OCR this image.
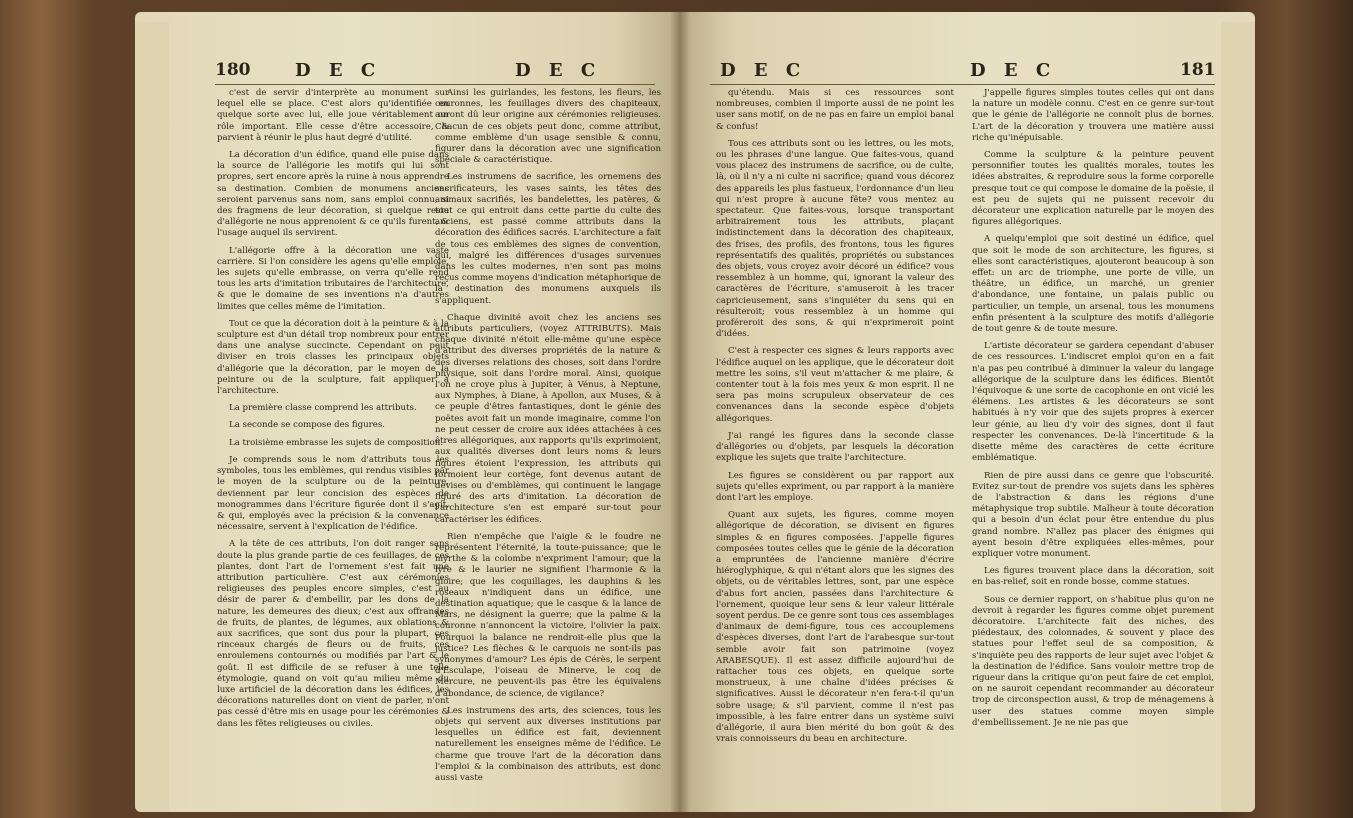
180 D E C	D E C

c'est de servir d'interprète au monument sur lequel elle se place. C'est alors qu'identifiée en quelque sorte avec lui, elle joue véritablement un rôle important. Elle cesse d'être accessoire, & parvient à réunir le plus haut degré d'utilité.

La décoration d'un édifice, quand elle puise dans la source de l'allégorie les motifs qui lui sont propres, sert encore après la ruine à nous apprendre sa destination. Combien de monumens anciens seroient parvenus sans nom, sans emploi connu, si des fragmens de leur décoration, si quelque reste d'allégorie ne nous apprenoient & ce qu'ils furent, & l'usage auquel ils servirent.

L'allégorie offre à la décoration une vaste carrière. Si l'on considère les agens qu'elle emploie, les sujets qu'elle embrasse, on verra qu'elle rend tous les arts d'imitation tributaires de l'architecture, & que le domaine de ses inventions n'a d'autres limites que celles même de l'imitation.

Tout ce que la décoration doit à la peinture & à la sculpture est d'un détail trop nombreux pour entrer dans une analyse succincte. Cependant on peut diviser en trois classes les principaux objets d'allégorie que la décoration, par le moyen de la peinture ou de la sculpture, fait appliquer à l'architecture.

La première classe comprend les attributs.

La seconde se compose des figures.

La troisième embrasse les sujets de composition.

Je comprends sous le nom d'attributs tous les symboles, tous les emblèmes, qui rendus visibles par le moyen de la sculpture ou de la peinture, deviennent par leur concision des espèces de monogrammes dans l'écriture figurée dont il s'agit, & qui, employés avec la précision & la convenance nécessaire, servent à l'explication de l'édifice.

A la tête de ces attributs, l'on doit ranger sans doute la plus grande partie de ces feuillages, de ces plantes, dont l'art de l'ornement s'est fait une attribution particulière. C'est aux cérémonies religieuses des peuples encore simples, c'est au désir de parer & d'embellir, par les dons de la nature, les demeures des dieux; c'est aux offrandes de fruits, de plantes, de légumes, aux oblations & aux sacrifices, que sont dus pour la plupart, ces rinceaux chargés de fleurs ou de fruits, ces enroulemens contournés ou modifiés par l'art & le goût. Il est difficile de se refuser à une telle étymologie, quand on voit qu'au milieu même du luxe artificiel de la décoration dans les édifices, les décorations naturelles dont on vient de parler, n'ont pas cessé d'être mis en usage pour les cérémonies & dans les fêtes religieuses ou civiles.

Ainsi les guirlandes, les festons, les fleurs, les couronnes, les feuillages divers des chapiteaux, auront dû leur origine aux cérémonies religieuses. Chacun de ces objets peut donc, comme attribut, comme emblème d'un usage sensible & connu, figurer dans la décoration avec une signification spéciale & caractéristique.

Les instrumens de sacrifice, les ornemens des sacrificateurs, les vases saints, les têtes des animaux sacrifiés, les bandelettes, les patères, & tout ce qui entroit dans cette partie du culte des anciens, est passé comme attributs dans la décoration des édifices sacrés. L'architecture a fait de tous ces emblèmes des signes de convention, qui, malgré les différences d'usages survenues dans les cultes modernes, n'en sont pas moins reçus comme moyens d'indication métaphorique de la destination des monumens auxquels ils s'appliquent.

Chaque divinité avoit chez les anciens ses attributs particuliers, (voyez ATTRIBUTS). Mais chaque divinité n'étoit elle-même qu'une espèce d'attribut des diverses propriétés de la nature & des diverses relations des choses, soit dans l'ordre physique, soit dans l'ordre moral. Ainsi, quoique l'on ne croye plus à Jupiter, à Vénus, à Neptune, aux Nymphes, à Diane, à Apollon, aux Muses, & à ce peuple d'êtres fantastiques, dont le génie des poëtes avoit fait un monde imaginaire, comme l'on ne peut cesser de croire aux idées attachées à ces êtres allégoriques, aux rapports qu'ils exprimoient, aux qualités diverses dont leurs noms & leurs figures étoient l'expression, les attributs qui formoient leur cortège, font devenus autant de devises ou d'emblèmes, qui continuent le langage figuré des arts d'imitation. La décoration de l'architecture s'en est emparé sur-tout pour caractériser les édifices.

Rien n'empêche que l'aigle & le foudre ne représentent l'éternité, la toute-puissance; que le myrthe & la colombe n'expriment l'amour; que la lyre & le laurier ne signifient l'harmonie & la gloire; que les coquillages, les dauphins & les roseaux n'indiquent dans un édifice, une destination aquatique; que le casque & la lance de Mars, ne désignent la guerre; que la palme & la couronne n'annoncent la victoire, l'olivier la paix. Pourquoi la balance ne rendroit-elle plus que la justice? Les flèches & le carquois ne sont-ils pas synonymes d'amour? Les épis de Cérès, le serpent d'Esculape, l'oiseau de Minerve, le coq de Mercure, ne peuvent-ils pas être les équivalens d'abondance, de science, de vigilance?

Les instrumens des arts, des sciences, tous les objets qui servent aux diverses institutions par lesquelles un édifice est fait, deviennent naturellement les enseignes même de l'édifice. Le charme que trouve l'art de la décoration dans l'emploi & la combinaison des attributs, est donc aussi vaste

D E C	D E C	181

qu'étendu. Mais si ces ressources sont nombreuses, combien il importe aussi de ne point les user sans motif, on de ne pas en faire un emploi banal & confus!

Tous ces attributs sont ou les lettres, ou les mots, ou les phrases d'une langue. Que faites-vous, quand vous placez des instrumens de sacrifice, ou de culte, là, où il n'y a ni culte ni sacrifice; quand vous décorez des appareils les plus fastueux, l'ordonnance d'un lieu qui n'est propre à aucune fête? vous mentez au spectateur. Que faites-vous, lorsque transportant arbitrairement tous les attributs, plaçant indistinctement dans la décoration des chapiteaux, des frises, des profils, des frontons, tous les figures représentatifs des qualités, propriétés ou substances des objets, vous croyez avoir décoré un édifice? vous ressemblez à un homme, qui, ignorant la valeur des caractères de l'écriture, s'amuseroit à les tracer capricieusement, sans s'inquiéter du sens qui en résulteroit; vous ressemblez à un homme qui proféreroit des sons, & qui n'exprimeroit point d'idées.

C'est à respecter ces signes & leurs rapports avec l'édifice auquel on les applique, que le décorateur doit mettre les soins, s'il veut m'attacher & me plaire, & contenter tout à la fois mes yeux & mon esprit. Il ne sera pas moins scrupuleux observateur de ces convenances dans la seconde espèce d'objets allégoriques.

J'ai rangé les figures dans la seconde classe d'allégories ou d'objets, par lesquels la décoration explique les sujets que traite l'architecture.

Les figures se considèrent ou par rapport aux sujets qu'elles expriment, ou par rapport à la manière dont l'art les employe.

Quant aux sujets, les figures, comme moyen allégorique de décoration, se divisent en figures simples & en figures composées. J'appelle figures composées toutes celles que le génie de la décoration a empruntées de l'ancienne manière d'écrire hiéroglyphique, & qui n'étant alors que les signes des objets, ou de véritables lettres, sont, par une espèce d'abus fort ancien, passées dans l'architecture & l'ornement, quoique leur sens & leur valeur littérale soyent perdus. De ce genre sont tous ces assemblages d'animaux de demi-figure, tous ces accouplemens d'espèces diverses, dont l'art de l'arabesque sur-tout semble avoir fait son patrimoine (voyez ARABESQUE). Il est assez difficile aujourd'hui de rattacher tous ces objets, en quelque sorte monstrueux, à une chaîne d'idées précises & significatives. Aussi le décorateur n'en fera-t-il qu'un sobre usage; & s'il parvient, comme il n'est pas impossible, à les faire entrer dans un système suivi d'allégorie, il aura bien mérité du bon goût & des vrais connoisseurs du beau en architecture.

J'appelle figures simples toutes celles qui ont dans la nature un modèle connu. C'est en ce genre sur-tout que le génie de l'allégorie ne connoît plus de bornes. L'art de la décoration y trouvera une matière aussi riche qu'inépuisable.

Comme la sculpture & la peinture peuvent personnifier toutes les qualités morales, toutes les idées abstraites, & reproduire sous la forme corporelle presque tout ce qui compose le domaine de la poësie, il est peu de sujets qui ne puissent recevoir du décorateur une explication naturelle par le moyen des figures allégoriques.

A quelqu'emploi que soit destiné un édifice, quel que soit le mode de son architecture, les figures, si elles sont caractéristiques, ajouteront beaucoup à son effet: un arc de triomphe, une porte de ville, un théâtre, un édifice, un marché, un grenier d'abondance, une fontaine, un palais public ou particulier, un temple, un arsenal, tous les monumens enfin présentent à la sculpture des motifs d'allégorie de tout genre & de toute mesure.

L'artiste décorateur se gardera cependant d'abuser de ces ressources. L'indiscret emploi qu'on en a fait n'a pas peu contribué à diminuer la valeur du langage allégorique de la sculpture dans les édifices. Bientôt l'équivoque & une sorte de cacophonie en ont vicié les élémens. Les artistes & les décorateurs se sont habitués à n'y voir que des sujets propres à exercer leur génie, au lieu d'y voir des signes, dont il faut respecter les convenances. De-là l'incertitude & la disette même des caractères de cette écriture emblématique.

Rien de pire aussi dans ce genre que l'obscurité. Evitez sur-tout de prendre vos sujets dans les sphères de l'abstraction & dans les régions d'une métaphysique trop subtile. Malheur à toute décoration qui a besoin d'un éclat pour être entendue du plus grand nombre. N'allez pas placer des énigmes qui ayent besoin d'être expliquées elles-mêmes, pour expliquer votre monument.

Les figures trouvent place dans la décoration, soit en bas-relief, soit en ronde bosse, comme statues.

Sous ce dernier rapport, on s'habitue plus qu'on ne devroit à regarder les figures comme objet purement décoratoire. L'architecte fait des niches, des piédestaux, des colonnades, & souvent y place des statues pour l'effet seul de sa composition, & s'inquiète peu des rapports de leur sujet avec l'objet & la destination de l'édifice. Sans vouloir mettre trop de rigueur dans la critique qu'on peut faire de cet emploi, on ne sauroit cependant recommander au décorateur trop de circonspection aussi, & trop de ménagemens à user des statues comme moyen simple d'embellissement. Je ne nie pas que
